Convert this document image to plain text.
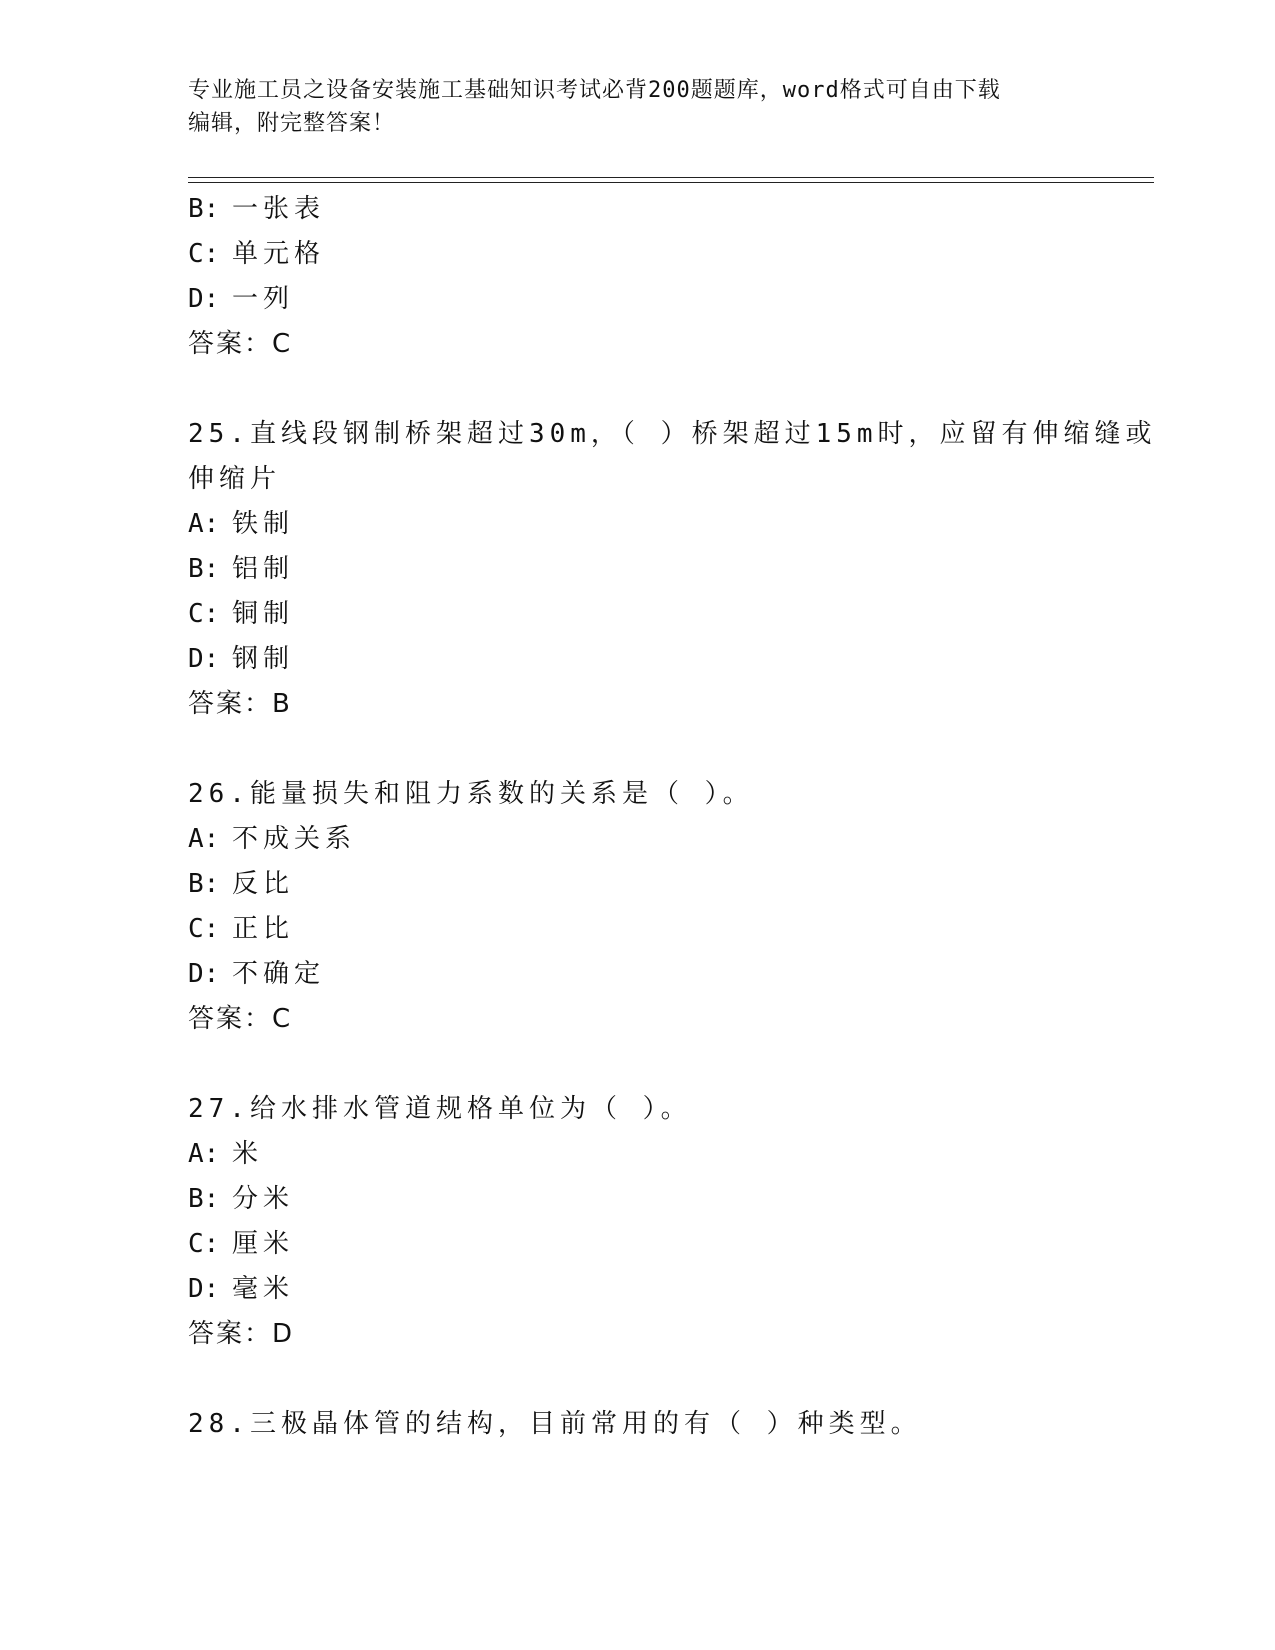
专业施工员之设备安装施工基础知识考试必背200题题库，word格式可自由下载
编辑，附完整答案！
B: 一张表
C: 单元格
D: 一列
答案：C
25.直线段钢制桥架超过30m，（ ）桥架超过15m时，应留有伸缩缝或
伸缩片
A: 铁制
B: 铝制
C: 铜制
D: 钢制
答案：B
26.能量损失和阻力系数的关系是（ ）。
A: 不成关系
B: 反比
C: 正比
D: 不确定
答案：C
27.给水排水管道规格单位为（ ）。
A: 米
B: 分米
C: 厘米
D: 毫米
答案：D
28.三极晶体管的结构，目前常用的有（ ）种类型。
